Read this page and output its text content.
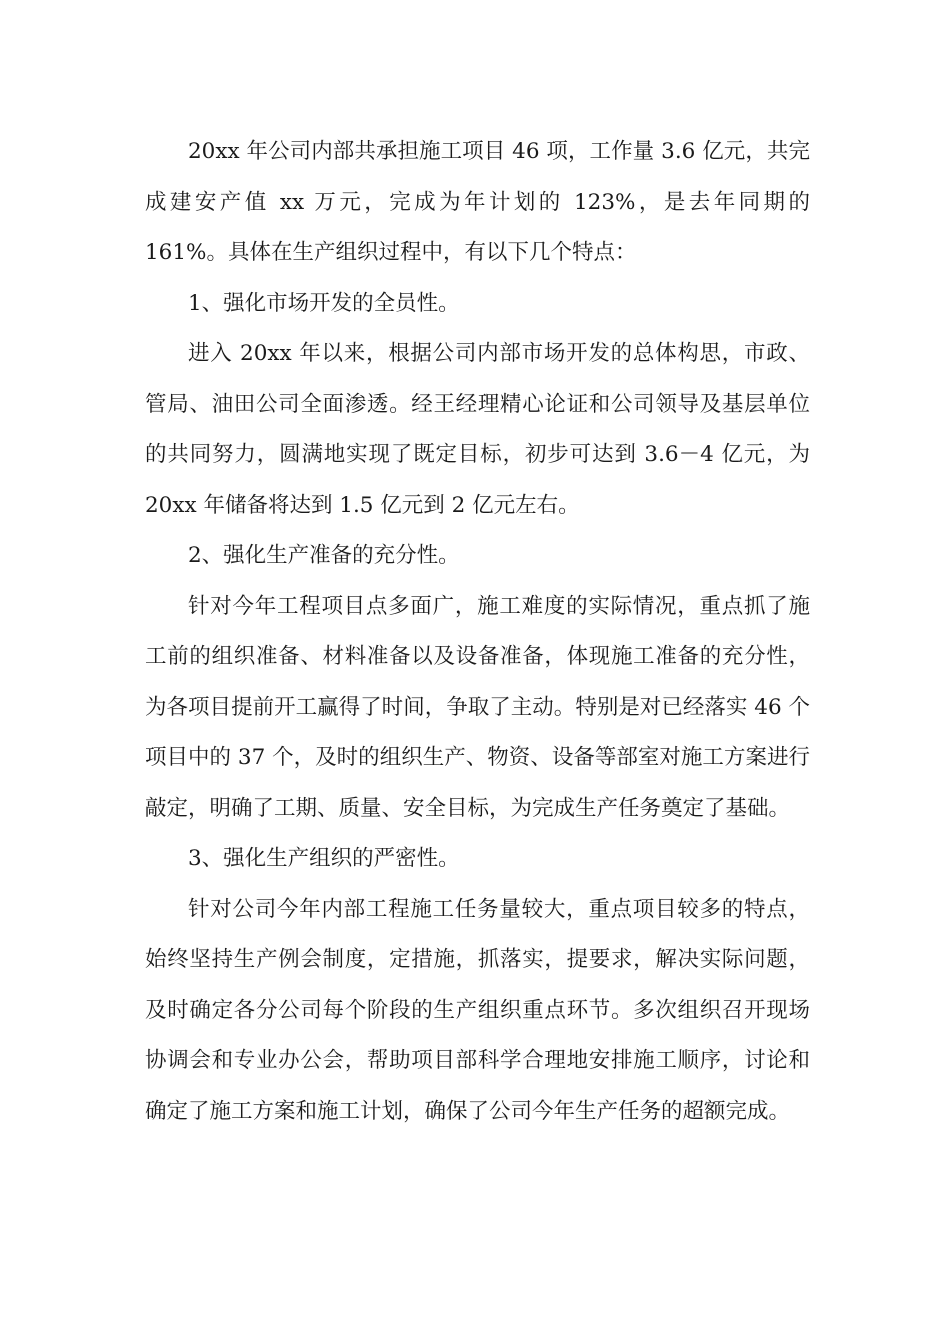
20xx 年公司内部共承担施工项目 46 项，工作量 3.6 亿元，共完成建安产值 xx 万元，完成为年计划的 123%，是去年同期的 161%。具体在生产组织过程中，有以下几个特点：

1、强化市场开发的全员性。

进入 20xx 年以来，根据公司内部市场开发的总体构思，市政、管局、油田公司全面渗透。经王经理精心论证和公司领导及基层单位的共同努力，圆满地实现了既定目标，初步可达到 3.6－4 亿元，为 20xx 年储备将达到 1.5 亿元到 2 亿元左右。

2、强化生产准备的充分性。

针对今年工程项目点多面广，施工难度的实际情况，重点抓了施工前的组织准备、材料准备以及设备准备，体现施工准备的充分性，为各项目提前开工赢得了时间，争取了主动。特别是对已经落实 46 个项目中的 37 个，及时的组织生产、物资、设备等部室对施工方案进行敲定，明确了工期、质量、安全目标，为完成生产任务奠定了基础。

3、强化生产组织的严密性。

针对公司今年内部工程施工任务量较大，重点项目较多的特点，始终坚持生产例会制度，定措施，抓落实，提要求，解决实际问题，及时确定各分公司每个阶段的生产组织重点环节。多次组织召开现场协调会和专业办公会，帮助项目部科学合理地安排施工顺序，讨论和确定了施工方案和施工计划，确保了公司今年生产任务的超额完成。
